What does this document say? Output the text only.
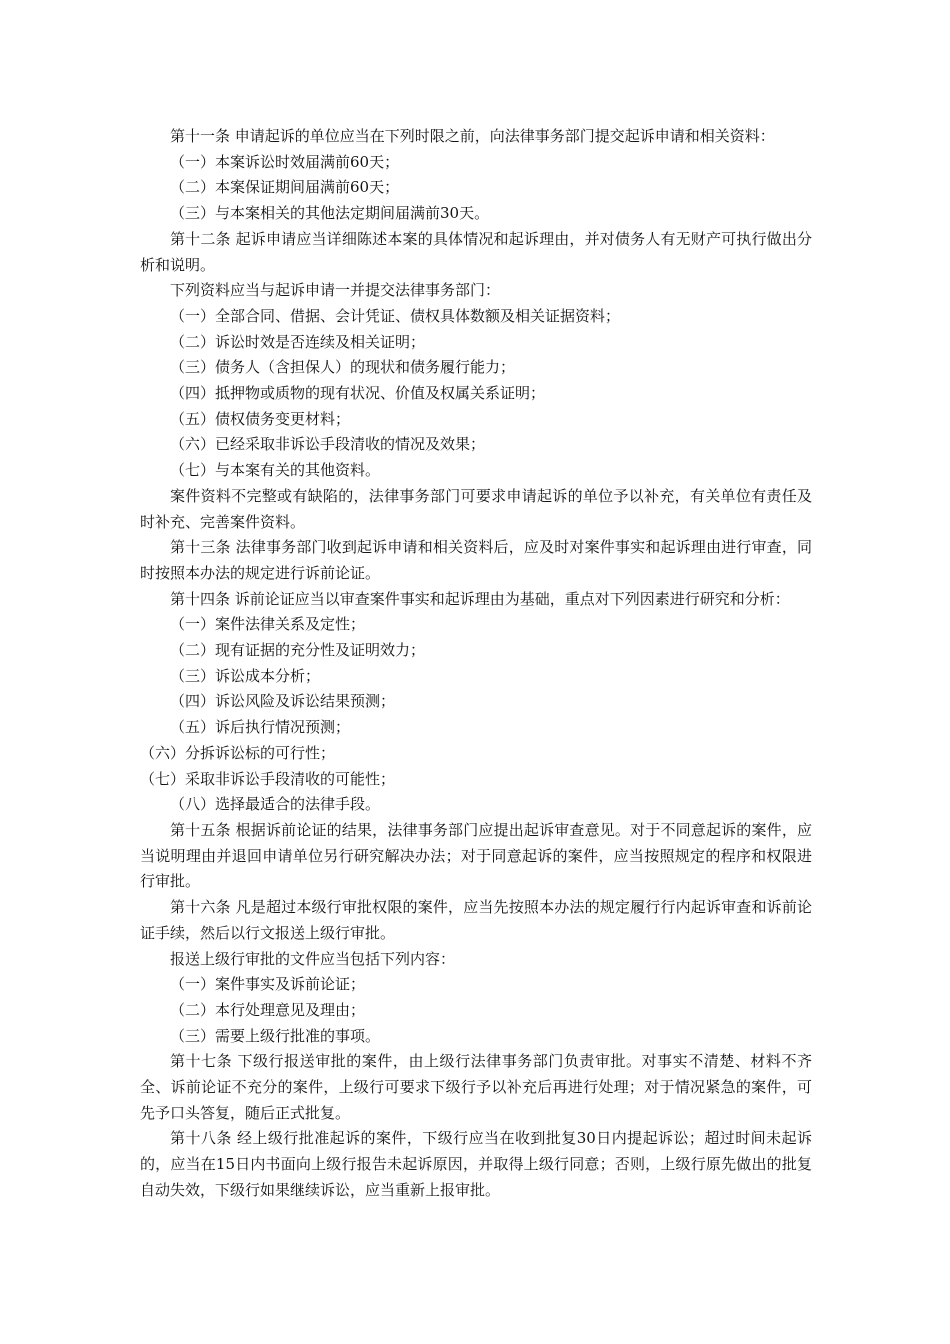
第十一条 申请起诉的单位应当在下列时限之前，向法律事务部门提交起诉申请和相关资料：

（一）本案诉讼时效届满前60天；

（二）本案保证期间届满前60天；

（三）与本案相关的其他法定期间届满前30天。

第十二条 起诉申请应当详细陈述本案的具体情况和起诉理由，并对债务人有无财产可执行做出分析和说明。

下列资料应当与起诉申请一并提交法律事务部门：

（一）全部合同、借据、会计凭证、债权具体数额及相关证据资料；

（二）诉讼时效是否连续及相关证明；

（三）债务人（含担保人）的现状和债务履行能力；

（四）抵押物或质物的现有状况、价值及权属关系证明；

（五）债权债务变更材料；

（六）已经采取非诉讼手段清收的情况及效果；

（七）与本案有关的其他资料。

案件资料不完整或有缺陷的，法律事务部门可要求申请起诉的单位予以补充，有关单位有责任及时补充、完善案件资料。

第十三条 法律事务部门收到起诉申请和相关资料后，应及时对案件事实和起诉理由进行审查，同时按照本办法的规定进行诉前论证。

第十四条 诉前论证应当以审查案件事实和起诉理由为基础，重点对下列因素进行研究和分析：

（一）案件法律关系及定性；

（二）现有证据的充分性及证明效力；

（三）诉讼成本分析；

（四）诉讼风险及诉讼结果预测；

（五）诉后执行情况预测；

（六）分拆诉讼标的可行性；

（七）采取非诉讼手段清收的可能性；

（八）选择最适合的法律手段。

第十五条 根据诉前论证的结果，法律事务部门应提出起诉审查意见。对于不同意起诉的案件，应当说明理由并退回申请单位另行研究解决办法；对于同意起诉的案件，应当按照规定的程序和权限进行审批。

第十六条 凡是超过本级行审批权限的案件，应当先按照本办法的规定履行行内起诉审查和诉前论证手续，然后以行文报送上级行审批。

报送上级行审批的文件应当包括下列内容：

（一）案件事实及诉前论证；

（二）本行处理意见及理由；

（三）需要上级行批准的事项。

第十七条 下级行报送审批的案件，由上级行法律事务部门负责审批。对事实不清楚、材料不齐全、诉前论证不充分的案件，上级行可要求下级行予以补充后再进行处理；对于情况紧急的案件，可先予口头答复，随后正式批复。

第十八条 经上级行批准起诉的案件，下级行应当在收到批复30日内提起诉讼；超过时间未起诉的，应当在15日内书面向上级行报告未起诉原因，并取得上级行同意；否则，上级行原先做出的批复自动失效，下级行如果继续诉讼，应当重新上报审批。
